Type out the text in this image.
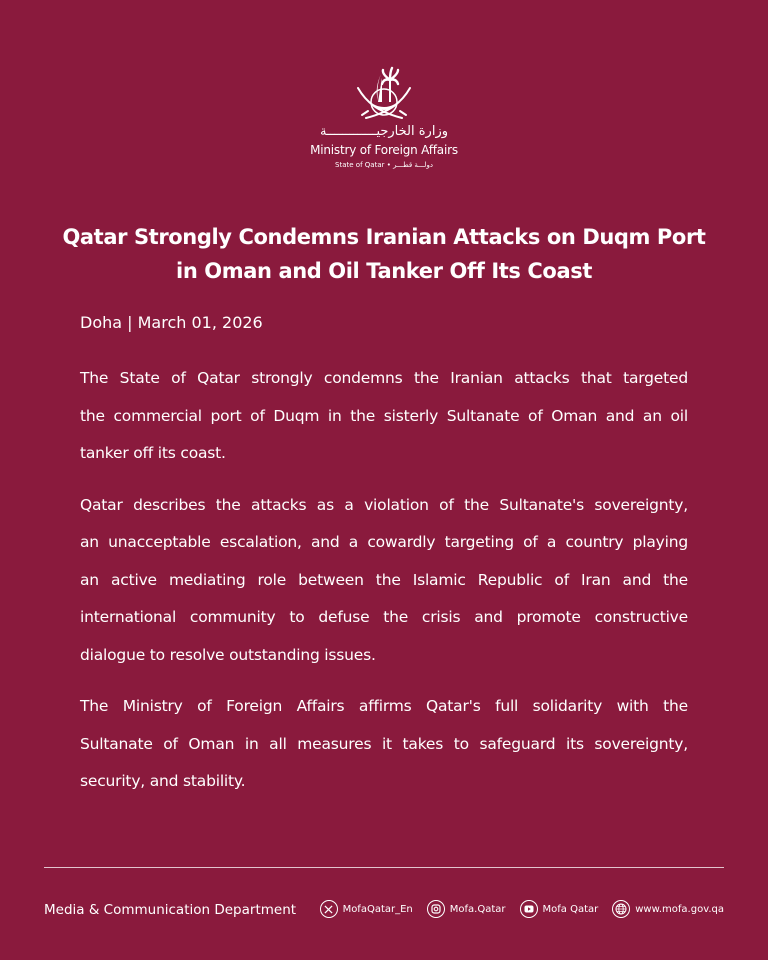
وزارة الخارجيـــــــــــــة
Ministry of Foreign Affairs
State of Qatar • دولـــة قطـــر
Qatar Strongly Condemns Iranian Attacks on Duqm Port
in Oman and Oil Tanker Off Its Coast
Doha | March 01, 2026
The State of Qatar strongly condemns the Iranian attacks that targeted
the commercial port of Duqm in the sisterly Sultanate of Oman and an oil
tanker off its coast.
Qatar describes the attacks as a violation of the Sultanate's sovereignty,
an unacceptable escalation, and a cowardly targeting of a country playing
an active mediating role between the Islamic Republic of Iran and the
international community to defuse the crisis and promote constructive
dialogue to resolve outstanding issues.
The Ministry of Foreign Affairs affirms Qatar's full solidarity with the
Sultanate of Oman in all measures it takes to safeguard its sovereignty,
security, and stability.
Media & Communication Department	MofaQatar_En	Mofa.Qatar	Mofa Qatar	www.mofa.gov.qa
